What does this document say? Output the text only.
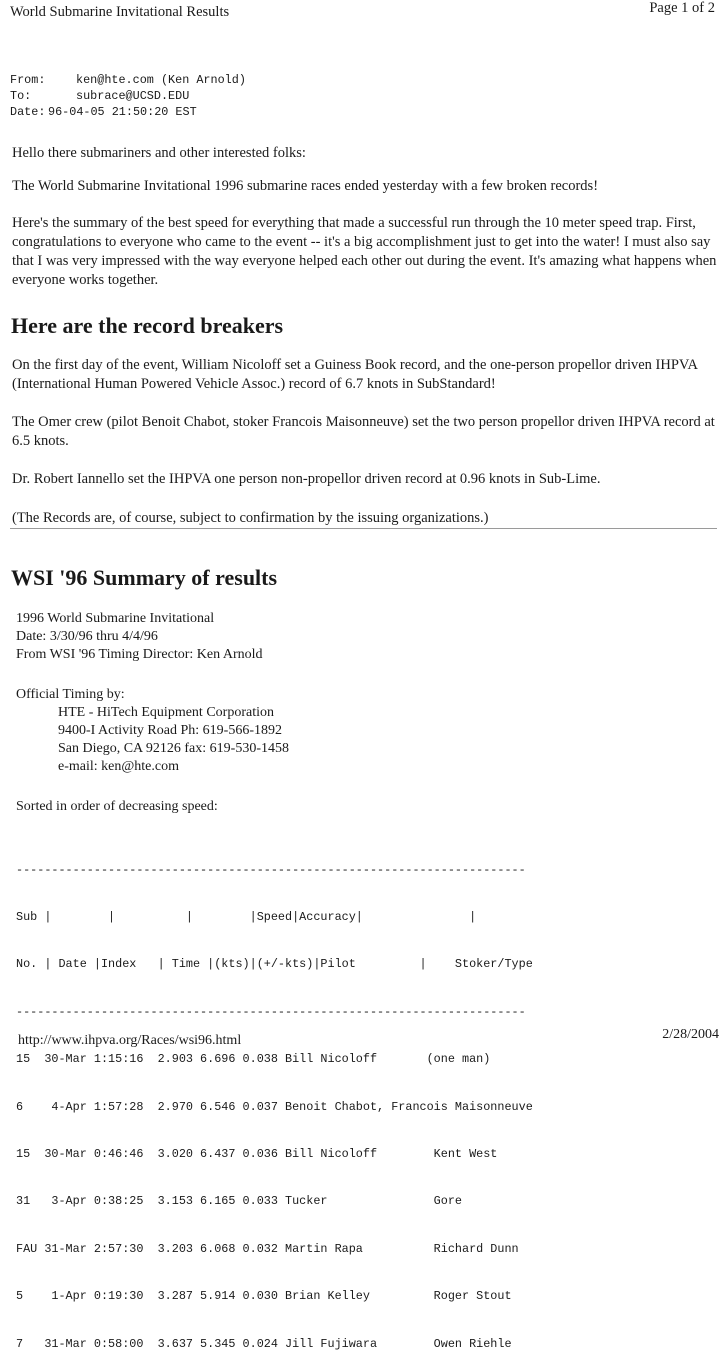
World Submarine Invitational Results	Page 1 of 2
From:	ken@hte.com (Ken Arnold)
To:	subrace@UCSD.EDU
Date: 96-04-05 21:50:20 EST

Hello there submariners and other interested folks:

The World Submarine Invitational 1996 submarine races ended yesterday with a few broken records!

Here's the summary of the best speed for everything that made a successful run through the 10 meter speed trap. First, congratulations to everyone who came to the event -- it's a big accomplishment just to get into the water! I must also say that I was very impressed with the way everyone helped each other out during the event. It's amazing what happens when everyone works together.

Here are the record breakers

On the first day of the event, William Nicoloff set a Guiness Book record, and the one-person propellor driven IHPVA (International Human Powered Vehicle Assoc.) record of 6.7 knots in SubStandard!

The Omer crew (pilot Benoit Chabot, stoker Francois Maisonneuve) set the two person propellor driven IHPVA record at 6.5 knots.

Dr. Robert Iannello set the IHPVA one person non-propellor driven record at 0.96 knots in Sub-Lime.

(The Records are, of course, subject to confirmation by the issuing organizations.)

WSI '96 Summary of results
1996 World Submarine Invitational
Date: 3/30/96 thru 4/4/96
From WSI '96 Timing Director: Ken Arnold
Official Timing by:
HTE - HiTech Equipment Corporation
9400-I Activity Road Ph: 619-566-1892
San Diego, CA 92126 fax: 619-530-1458
e-mail: ken@hte.com
Sorted in order of decreasing speed:

------------------------------------------------------------------------

Sub |        |          |        |Speed|Accuracy|               |

No. | Date |Index   | Time |(kts)|(+/-kts)|Pilot         |    Stoker/Type

------------------------------------------------------------------------

15  30-Mar 1:15:16  2.903 6.696 0.038 Bill Nicoloff       (one man)

6    4-Apr 1:57:28  2.970 6.546 0.037 Benoit Chabot, Francois Maisonneuve

15  30-Mar 0:46:46  3.020 6.437 0.036 Bill Nicoloff        Kent West

31   3-Apr 0:38:25  3.153 6.165 0.033 Tucker               Gore

FAU 31-Mar 2:57:30  3.203 6.068 0.032 Martin Rapa          Richard Dunn

5    1-Apr 0:19:30  3.287 5.914 0.030 Brian Kelley         Roger Stout

7   31-Mar 0:58:00  3.637 5.345 0.024 Jill Fujiwara        Owen Riehle

http://www.ihpva.org/Races/wsi96.html	2/28/2004
